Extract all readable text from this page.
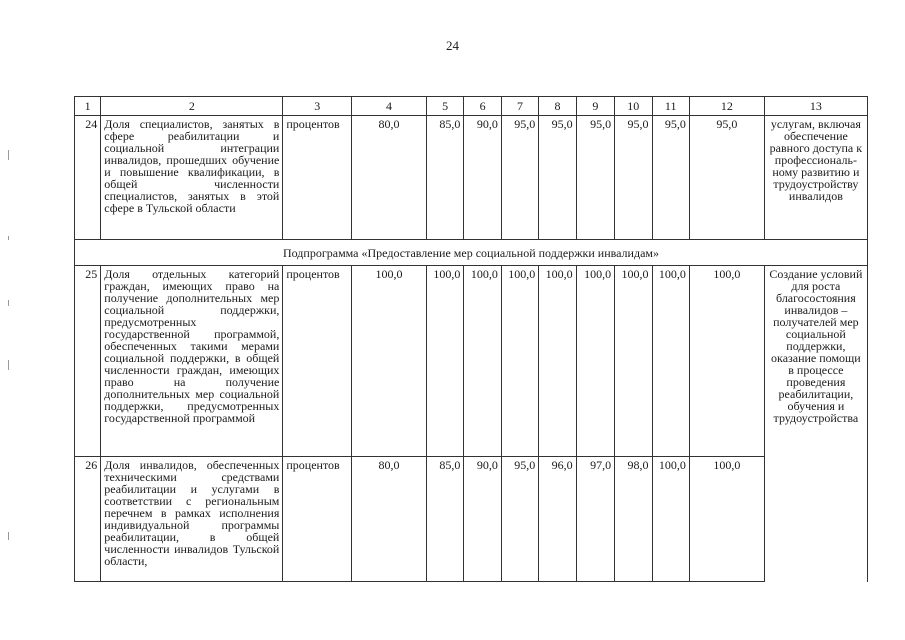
24
1	2	3	4	5	6	7	8	9	10	11	12	13
24	Доля специалистов, занятых в сфере реабилитации и социальной интеграции инвалидов, прошедших обучение и повышение квалификации, в общей численности специалистов, занятых в этой сфере в Тульской области	процентов	80,0	85,0	90,0	95,0	95,0	95,0	95,0	95,0	95,0	услугам, включая обеспечение равного доступа к профессиональ-ному развитию и трудоустройству инвалидов
Подпрограмма «Предоставление мер социальной поддержки инвалидам»												
25	Доля отдельных категорий граждан, имеющих право на получение дополнительных мер социальной поддержки, предусмотренных государственной программой, обеспеченных такими мерами социальной поддержки, в общей численности граждан, имеющих право на получение дополнительных мер социальной поддержки, предусмотренных государственной программой	процентов	100,0	100,0	100,0	100,0	100,0	100,0	100,0	100,0	100,0	Создание условий для роста благосостояния инвалидов – получателей мер социальной поддержки, оказание помощи в процессе проведения реабилитации, обучения и трудоустройства
26	Доля инвалидов, обеспеченных техническими средствами реабилитации и услугами в соответствии с региональным перечнем в рамках исполнения индивидуальной программы реабилитации, в общей численности инвалидов Тульской области,	процентов	80,0	85,0	90,0	95,0	96,0	97,0	98,0	100,0	100,0	
